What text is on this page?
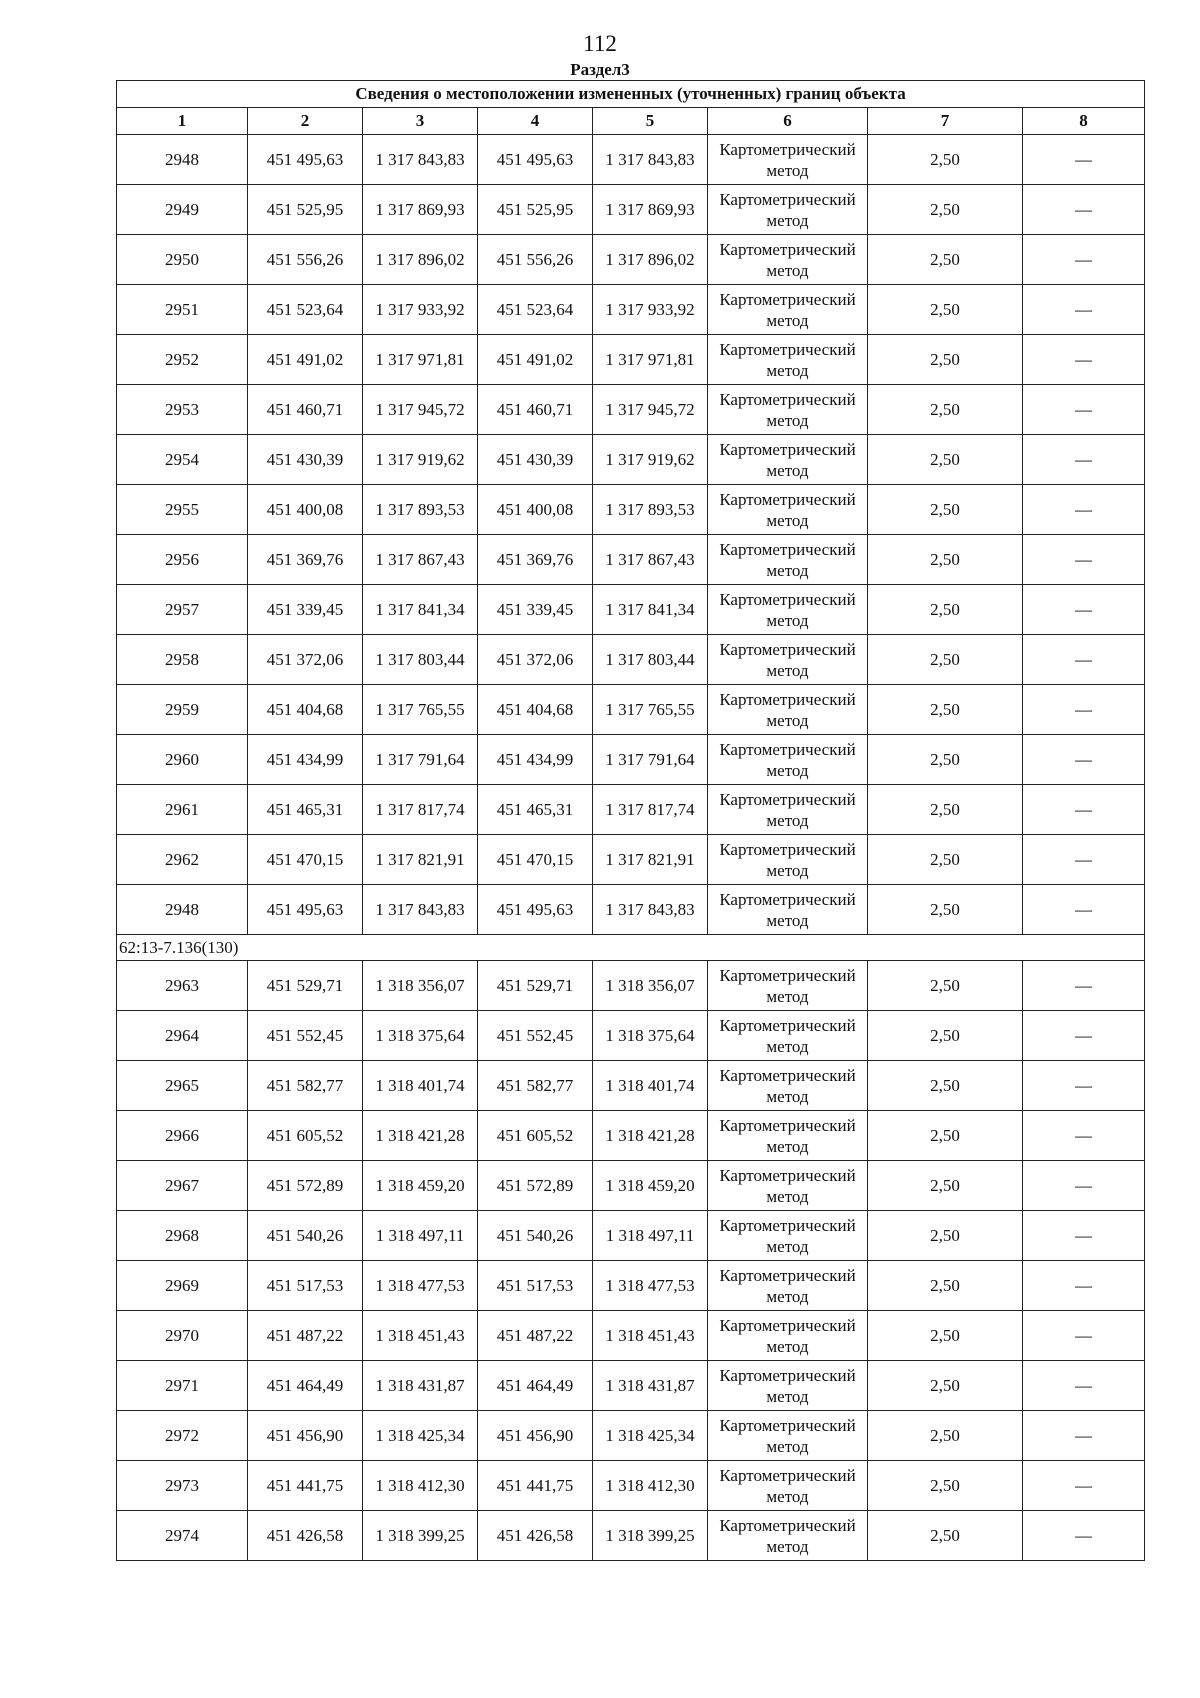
112
Раздел3
Сведения о местоположении измененных (уточненных) границ объекта							
1	2	3	4	5	6	7	8
2948	451 495,63	1 317 843,83	451 495,63	1 317 843,83	Картометрический метод	2,50	—
2949	451 525,95	1 317 869,93	451 525,95	1 317 869,93	Картометрический метод	2,50	—
2950	451 556,26	1 317 896,02	451 556,26	1 317 896,02	Картометрический метод	2,50	—
2951	451 523,64	1 317 933,92	451 523,64	1 317 933,92	Картометрический метод	2,50	—
2952	451 491,02	1 317 971,81	451 491,02	1 317 971,81	Картометрический метод	2,50	—
2953	451 460,71	1 317 945,72	451 460,71	1 317 945,72	Картометрический метод	2,50	—
2954	451 430,39	1 317 919,62	451 430,39	1 317 919,62	Картометрический метод	2,50	—
2955	451 400,08	1 317 893,53	451 400,08	1 317 893,53	Картометрический метод	2,50	—
2956	451 369,76	1 317 867,43	451 369,76	1 317 867,43	Картометрический метод	2,50	—
2957	451 339,45	1 317 841,34	451 339,45	1 317 841,34	Картометрический метод	2,50	—
2958	451 372,06	1 317 803,44	451 372,06	1 317 803,44	Картометрический метод	2,50	—
2959	451 404,68	1 317 765,55	451 404,68	1 317 765,55	Картометрический метод	2,50	—
2960	451 434,99	1 317 791,64	451 434,99	1 317 791,64	Картометрический метод	2,50	—
2961	451 465,31	1 317 817,74	451 465,31	1 317 817,74	Картометрический метод	2,50	—
2962	451 470,15	1 317 821,91	451 470,15	1 317 821,91	Картометрический метод	2,50	—
2948	451 495,63	1 317 843,83	451 495,63	1 317 843,83	Картометрический метод	2,50	—
62:13-7.136(130)							
2963	451 529,71	1 318 356,07	451 529,71	1 318 356,07	Картометрический метод	2,50	—
2964	451 552,45	1 318 375,64	451 552,45	1 318 375,64	Картометрический метод	2,50	—
2965	451 582,77	1 318 401,74	451 582,77	1 318 401,74	Картометрический метод	2,50	—
2966	451 605,52	1 318 421,28	451 605,52	1 318 421,28	Картометрический метод	2,50	—
2967	451 572,89	1 318 459,20	451 572,89	1 318 459,20	Картометрический метод	2,50	—
2968	451 540,26	1 318 497,11	451 540,26	1 318 497,11	Картометрический метод	2,50	—
2969	451 517,53	1 318 477,53	451 517,53	1 318 477,53	Картометрический метод	2,50	—
2970	451 487,22	1 318 451,43	451 487,22	1 318 451,43	Картометрический метод	2,50	—
2971	451 464,49	1 318 431,87	451 464,49	1 318 431,87	Картометрический метод	2,50	—
2972	451 456,90	1 318 425,34	451 456,90	1 318 425,34	Картометрический метод	2,50	—
2973	451 441,75	1 318 412,30	451 441,75	1 318 412,30	Картометрический метод	2,50	—
2974	451 426,58	1 318 399,25	451 426,58	1 318 399,25	Картометрический метод	2,50	—
